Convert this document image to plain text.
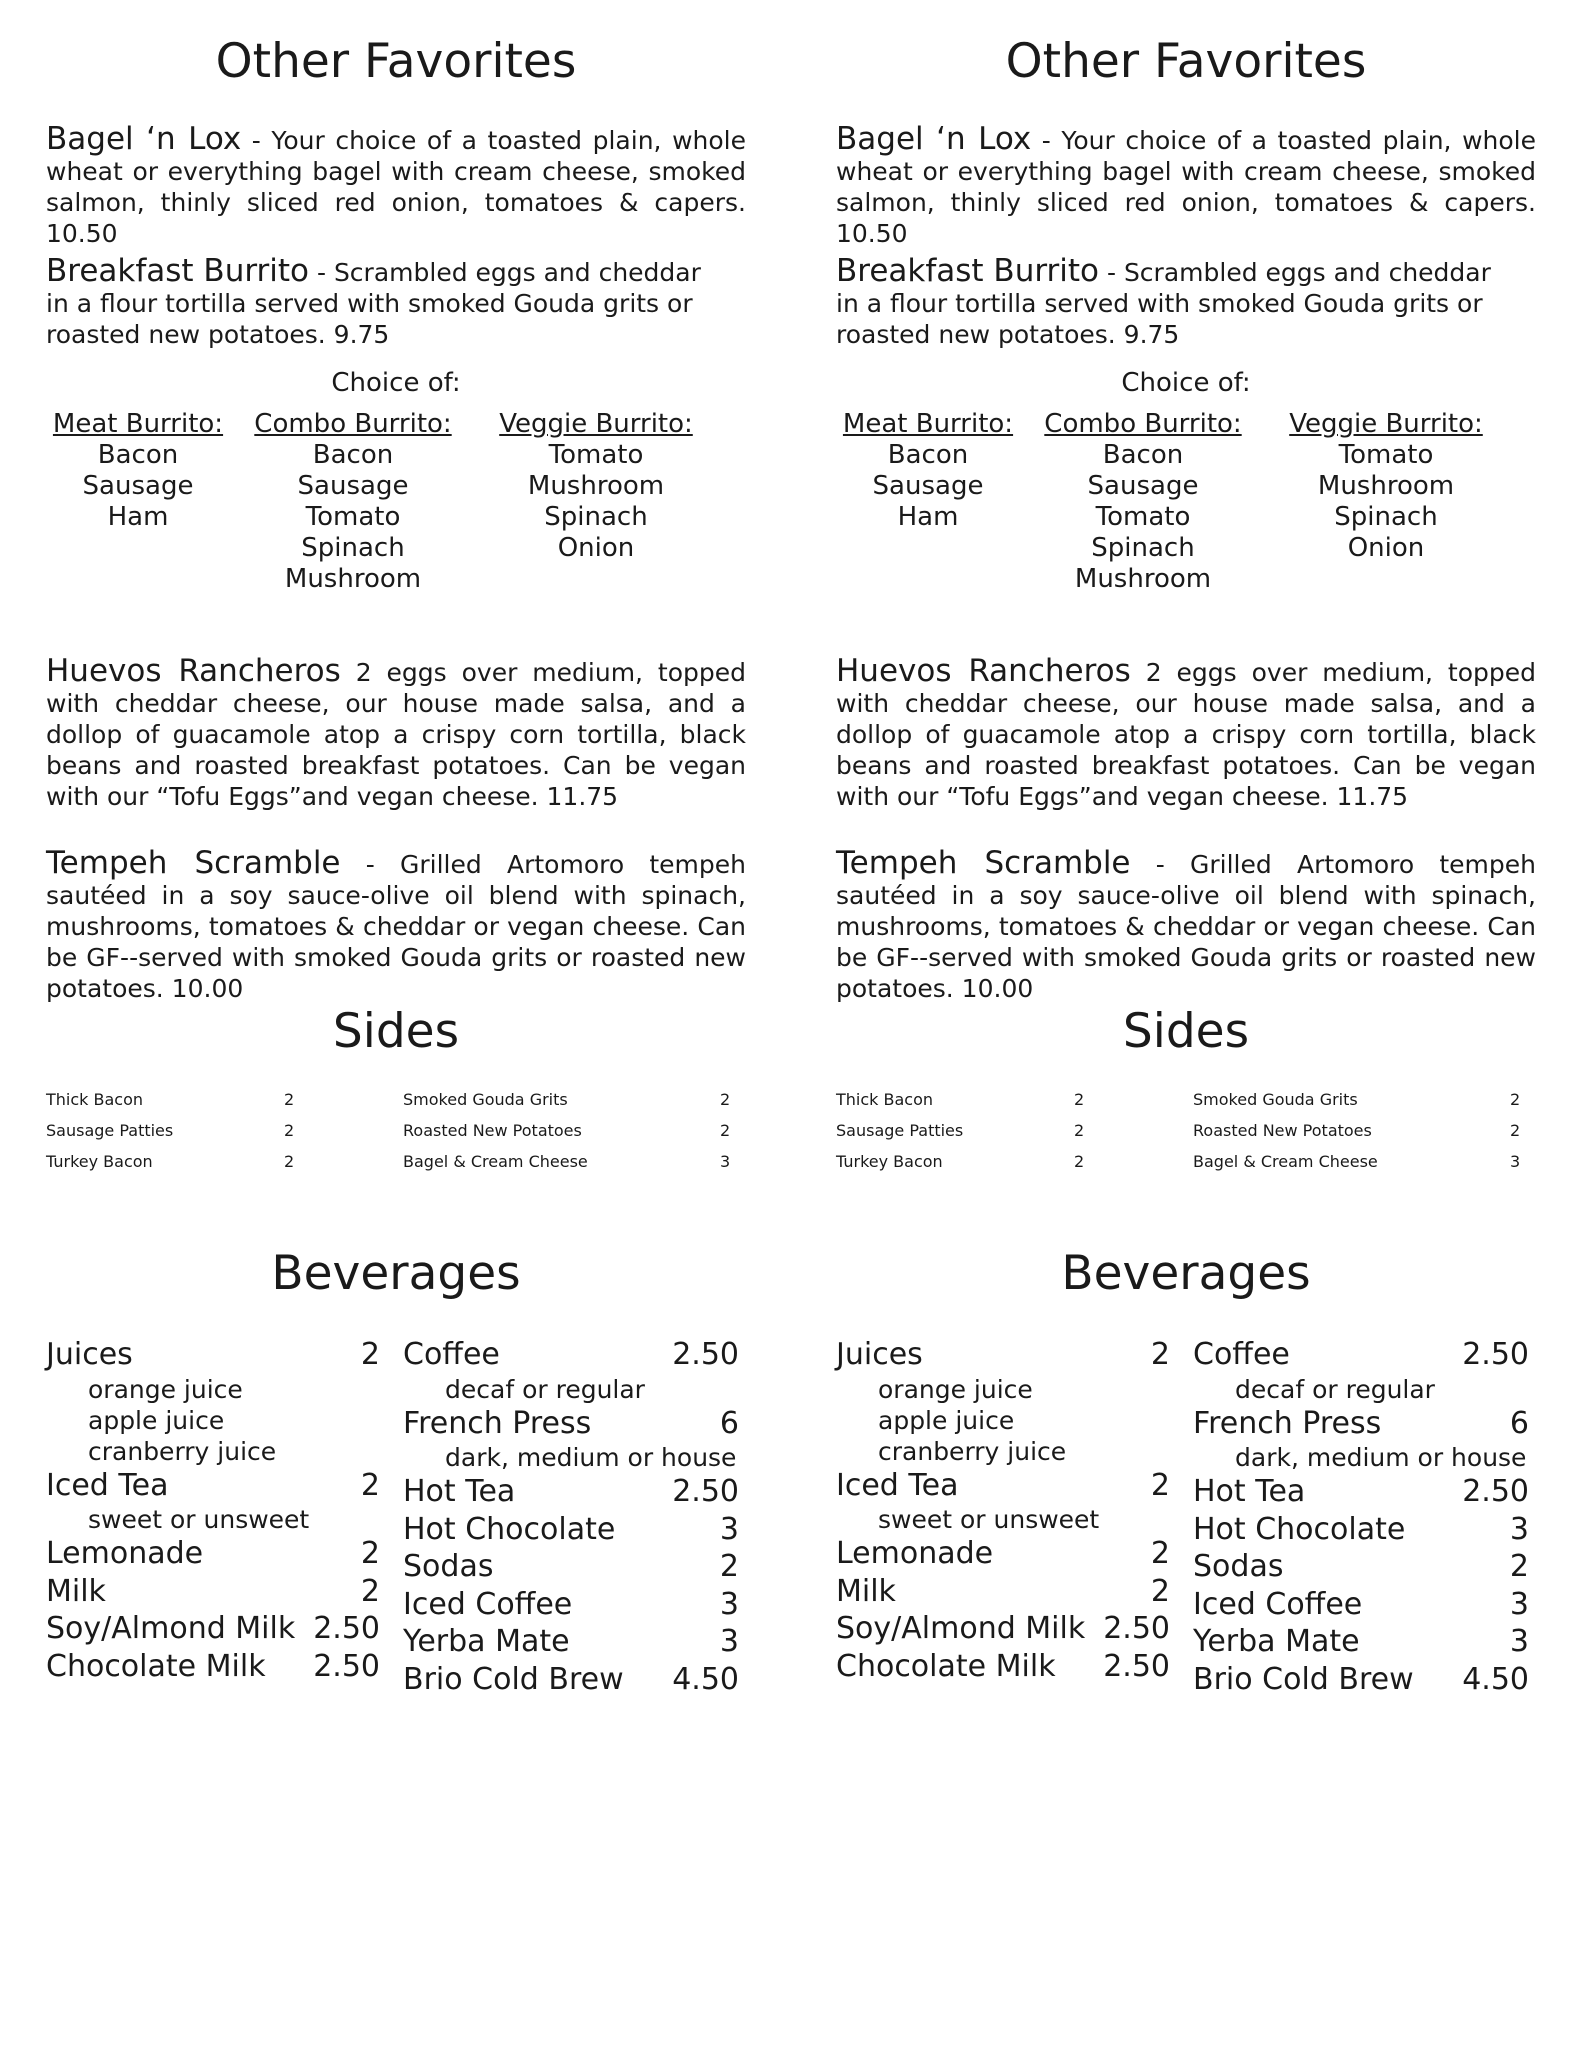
Other Favorites

Bagel ‘n Lox - Your choice of a toasted plain, whole wheat or everything bagel with cream cheese, smoked salmon, thinly sliced red onion, tomatoes & capers. 10.50

Breakfast Burrito - Scrambled eggs and cheddar in a flour tortilla served with smoked Gouda grits or roasted new potatoes. 9.75

Choice of:
Meat Burrito:
Bacon
Sausage
Ham
Combo Burrito:
Bacon
Sausage
Tomato
Spinach
Mushroom
Veggie Burrito:
Tomato
Mushroom
Spinach
Onion

Huevos Rancheros 2 eggs over medium, topped with cheddar cheese, our house made salsa, and a dollop of guacamole atop a crispy corn tortilla, black beans and roasted breakfast potatoes. Can be vegan with our “Tofu Eggs”and vegan cheese. 11.75

Tempeh Scramble - Grilled Artomoro tempeh sautéed in a soy sauce-olive oil blend with spinach, mushrooms, tomatoes & cheddar or vegan cheese. Can be GF--served with smoked Gouda grits or roasted new potatoes. 10.00

Sides
Thick Bacon	2
Sausage Patties	2
Turkey Bacon	2
Smoked Gouda Grits	2
Roasted New Potatoes	2
Bagel & Cream Cheese	3
Beverages
Juices	2
orange juice
apple juice
cranberry juice
Iced Tea	2
sweet or unsweet
Lemonade	2
Milk	2
Soy/Almond Milk 2.50
Chocolate Milk 2.50
Coffee	2.50
decaf or regular
French Press	6
dark, medium or house
Hot Tea	2.50
Hot Chocolate	3
Sodas	2
Iced Coffee	3
Yerba Mate	3
Brio Cold Brew 4.50
Other Favorites

Bagel ‘n Lox - Your choice of a toasted plain, whole wheat or everything bagel with cream cheese, smoked salmon, thinly sliced red onion, tomatoes & capers. 10.50

Breakfast Burrito - Scrambled eggs and cheddar in a flour tortilla served with smoked Gouda grits or roasted new potatoes. 9.75

Choice of:
Meat Burrito:
Bacon
Sausage
Ham
Combo Burrito:
Bacon
Sausage
Tomato
Spinach
Mushroom
Veggie Burrito:
Tomato
Mushroom
Spinach
Onion

Huevos Rancheros 2 eggs over medium, topped with cheddar cheese, our house made salsa, and a dollop of guacamole atop a crispy corn tortilla, black beans and roasted breakfast potatoes. Can be vegan with our “Tofu Eggs”and vegan cheese. 11.75

Tempeh Scramble - Grilled Artomoro tempeh sautéed in a soy sauce-olive oil blend with spinach, mushrooms, tomatoes & cheddar or vegan cheese. Can be GF--served with smoked Gouda grits or roasted new potatoes. 10.00

Sides
Thick Bacon	2
Sausage Patties	2
Turkey Bacon	2
Smoked Gouda Grits	2
Roasted New Potatoes	2
Bagel & Cream Cheese	3
Beverages
Juices	2
orange juice
apple juice
cranberry juice
Iced Tea	2
sweet or unsweet
Lemonade	2
Milk	2
Soy/Almond Milk 2.50
Chocolate Milk 2.50
Coffee	2.50
decaf or regular
French Press	6
dark, medium or house
Hot Tea	2.50
Hot Chocolate	3
Sodas	2
Iced Coffee	3
Yerba Mate	3
Brio Cold Brew 4.50
